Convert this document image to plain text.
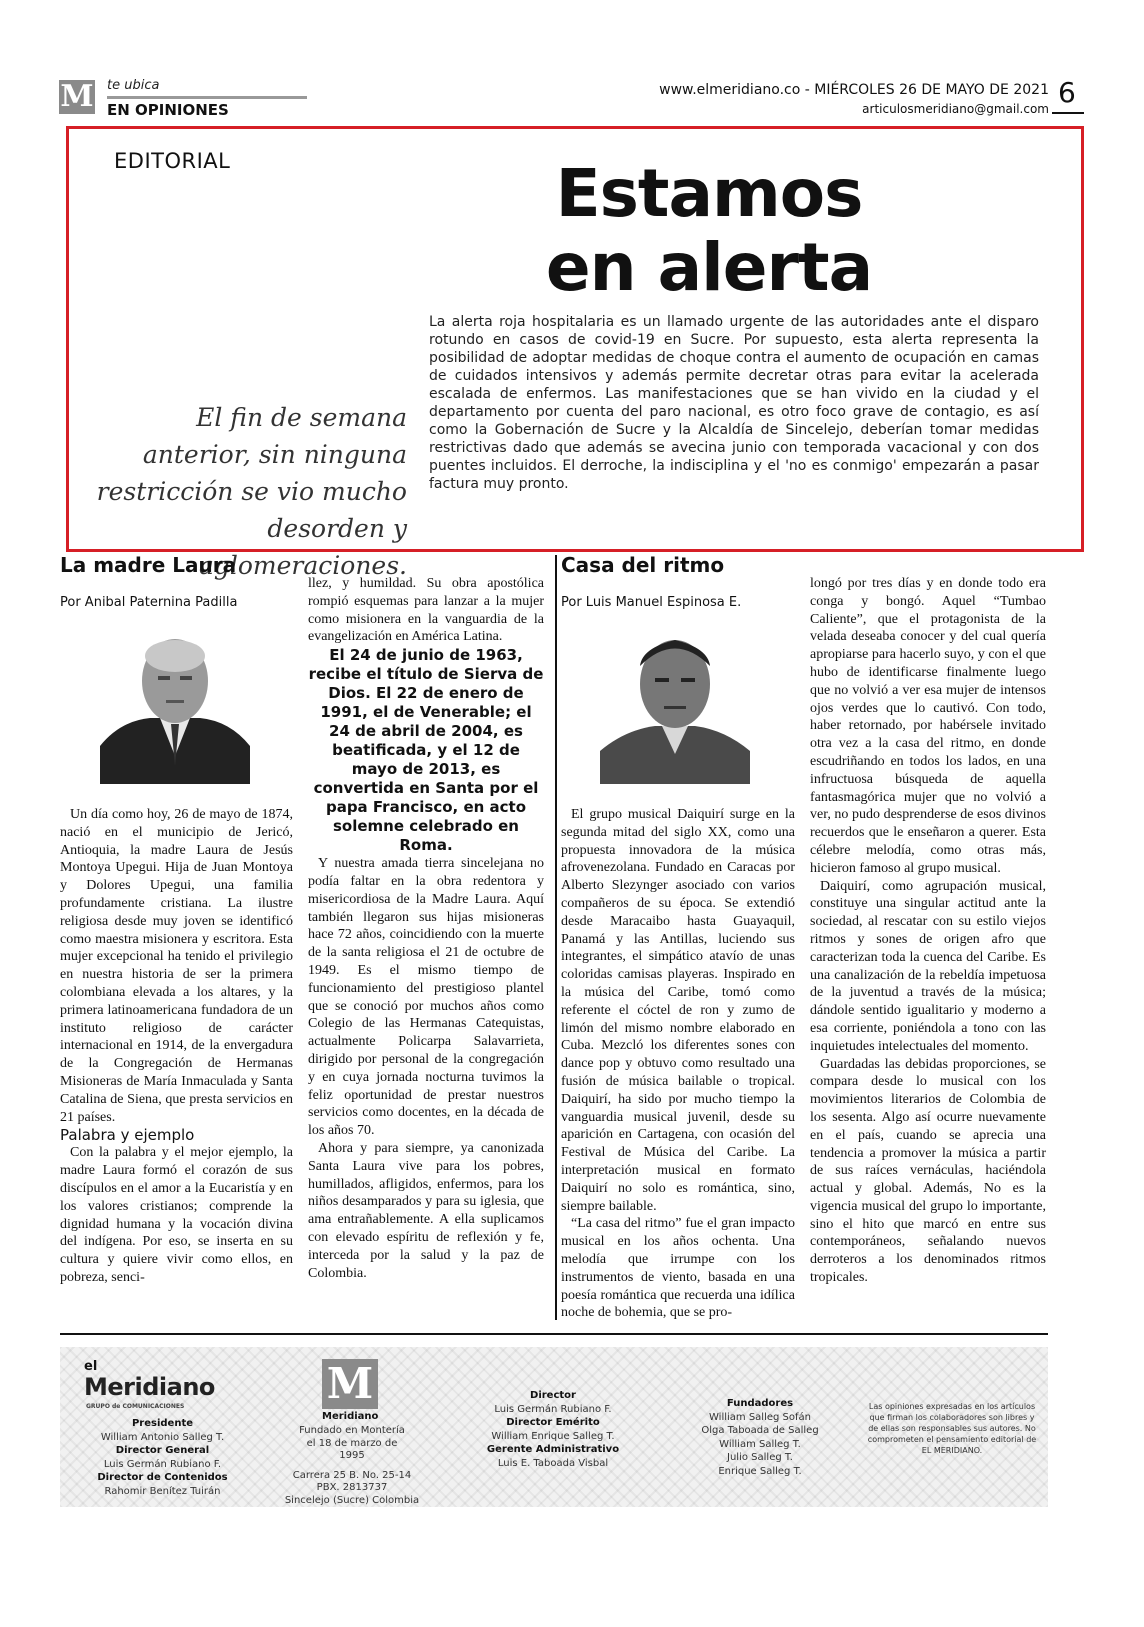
M te ubica
EN OPINIONES
www.elmeridiano.co - MIÉRCOLES 26 DE MAYO DE 2021
articulosmeridiano@gmail.com 6
EDITORIAL	Estamos
en alerta
El fin de semana anterior, sin ninguna restricción se vio mucho desorden y aglomeraciones.
La alerta roja hospitalaria es un llamado urgente de las autoridades ante el disparo rotundo en casos de covid-19 en Sucre. Por supuesto, esta alerta representa la posibilidad de adoptar medidas de choque contra el aumento de ocupación en camas de cuidados intensivos y además permite decretar otras para evitar la acelerada escalada de enfermos. Las manifestaciones que se han vivido en la ciudad y el departamento por cuenta del paro nacional, es otro foco grave de contagio, es así como la Gobernación de Sucre y la Alcaldía de Sincelejo, deberían tomar medidas restrictivas dado que además se avecina junio con temporada vacacional y con dos puentes incluidos. El derroche, la indisciplina y el 'no es conmigo' empezarán a pasar factura muy pronto.
La madre Laura
Por Anibal Paternina Padilla

Un día como hoy, 26 de mayo de 1874, nació en el municipio de Jericó, Antioquia, la madre Laura de Jesús Montoya Upegui. Hija de Juan Montoya y Dolores Upegui, una familia profundamente cristiana. La ilustre religiosa desde muy joven se identificó como maestra misionera y escritora. Esta mujer excepcional ha tenido el privilegio en nuestra historia de ser la primera colombiana elevada a los altares, y la primera latinoamericana fundadora de un instituto religioso de carácter internacional en 1914, de la envergadura de la Congregación de Hermanas Misioneras de María Inmaculada y Santa Catalina de Siena, que presta servicios en 21 países.

Palabra y ejemplo

Con la palabra y el mejor ejemplo, la madre Laura formó el corazón de sus discípulos en el amor a la Eucaristía y en los valores cristianos; comprende la dignidad humana y la vocación divina del indígena. Por eso, se inserta en su cultura y quiere vivir como ellos, en pobreza, senci-

llez, y humildad. Su obra apostólica rompió esquemas para lanzar a la mujer como misionera en la vanguardia de la evangelización en América Latina.

El 24 de junio de 1963, recibe el título de Sierva de Dios. El 22 de enero de 1991, el de Venerable; el 24 de abril de 2004, es beatificada, y el 12 de mayo de 2013, es convertida en Santa por el papa Francisco, en acto solemne celebrado en Roma.

Y nuestra amada tierra sincelejana no podía faltar en la obra redentora y misericordiosa de la Madre Laura. Aquí también llegaron sus hijas misioneras hace 72 años, coincidiendo con la muerte de la santa religiosa el 21 de octubre de 1949. Es el mismo tiempo de funcionamiento del prestigioso plantel que se conoció por muchos años como Colegio de las Hermanas Catequistas, actualmente Policarpa Salavarrieta, dirigido por personal de la congregación y en cuya jornada nocturna tuvimos la feliz oportunidad de prestar nuestros servicios como docentes, en la década de los años 70.

Ahora y para siempre, ya canonizada Santa Laura vive para los pobres, humillados, afligidos, enfermos, para los niños desamparados y para su iglesia, que ama entrañablemente. A ella suplicamos con elevado espíritu de reflexión y fe, interceda por la salud y la paz de Colombia.

Casa del ritmo
Por Luis Manuel Espinosa E.

El grupo musical Daiquirí surge en la segunda mitad del siglo XX, como una propuesta innovadora de la música afrovenezolana. Fundado en Caracas por Alberto Slezynger asociado con varios compañeros de su época. Se extendió desde Maracaibo hasta Guayaquil, Panamá y las Antillas, luciendo sus integrantes, el simpático atavío de unas coloridas camisas playeras. Inspirado en la música del Caribe, tomó como referente el cóctel de ron y zumo de limón del mismo nombre elaborado en Cuba. Mezcló los diferentes sones con dance pop y obtuvo como resultado una fusión de música bailable o tropical. Daiquirí, ha sido por mucho tiempo la vanguardia musical juvenil, desde su aparición en Cartagena, con ocasión del Festival de Música del Caribe. La interpretación musical en formato Daiquirí no solo es romántica, sino, siempre bailable.

“La casa del ritmo” fue el gran impacto musical en los años ochenta. Una melodía que irrumpe con los instrumentos de viento, basada en una poesía romántica que recuerda una idílica noche de bohemia, que se pro-

longó por tres días y en donde todo era conga y bongó. Aquel “Tumbao Caliente”, que el protagonista de la velada deseaba conocer y del cual quería apropiarse para hacerlo suyo, y con el que hubo de identificarse finalmente luego que no volvió a ver esa mujer de intensos ojos verdes que lo cautivó. Con todo, haber retornado, por habérsele invitado otra vez a la casa del ritmo, en donde escudriñando en todos los lados, en una infructuosa búsqueda de aquella fantasmagórica mujer que no volvió a ver, no pudo desprenderse de esos divinos recuerdos que le enseñaron a querer. Esta célebre melodía, como otras más, hicieron famoso al grupo musical.

Daiquirí, como agrupación musical, constituye una singular actitud ante la sociedad, al rescatar con su estilo viejos ritmos y sones de origen afro que caracterizan toda la cuenca del Caribe. Es una canalización de la rebeldía impetuosa de la juventud a través de la música; dándole sentido igualitario y moderno a esa corriente, poniéndola a tono con las inquietudes intelectuales del momento.

Guardadas las debidas proporciones, se compara desde lo musical con los movimientos literarios de Colombia de los sesenta. Algo así ocurre nuevamente en el país, cuando se aprecia una tendencia a promover la música a partir de sus raíces vernáculas, haciéndola actual y global. Además, No es la vigencia musical del grupo lo importante, sino el hito que marcó en entre sus contemporáneos, señalando nuevos derroteros a los denominados ritmos tropicales.

el
Meridiano
GRUPO de COMUNICACIONES
Presidente
William Antonio Salleg T.
Director General
Luis Germán Rubiano F.
Director de Contenidos
Rahomir Benítez Tuirán
M
Meridiano
Fundado en Montería el 18 de marzo de 1995
Carrera 25 B. No. 25-14
PBX. 2813737
Sincelejo (Sucre) Colombia
Director
Luis Germán Rubiano F.
Director Emérito
William Enrique Salleg T.
Gerente Administrativo
Luis E. Taboada Visbal
Fundadores
William Salleg Sofán
Olga Taboada de Salleg
William Salleg T.
Julio Salleg T.
Enrique Salleg T.
Las opiniones expresadas en los artículos que firman los colaboradores son libres y de ellas son responsables sus autores. No comprometen el pensamiento editorial de EL MERIDIANO.
